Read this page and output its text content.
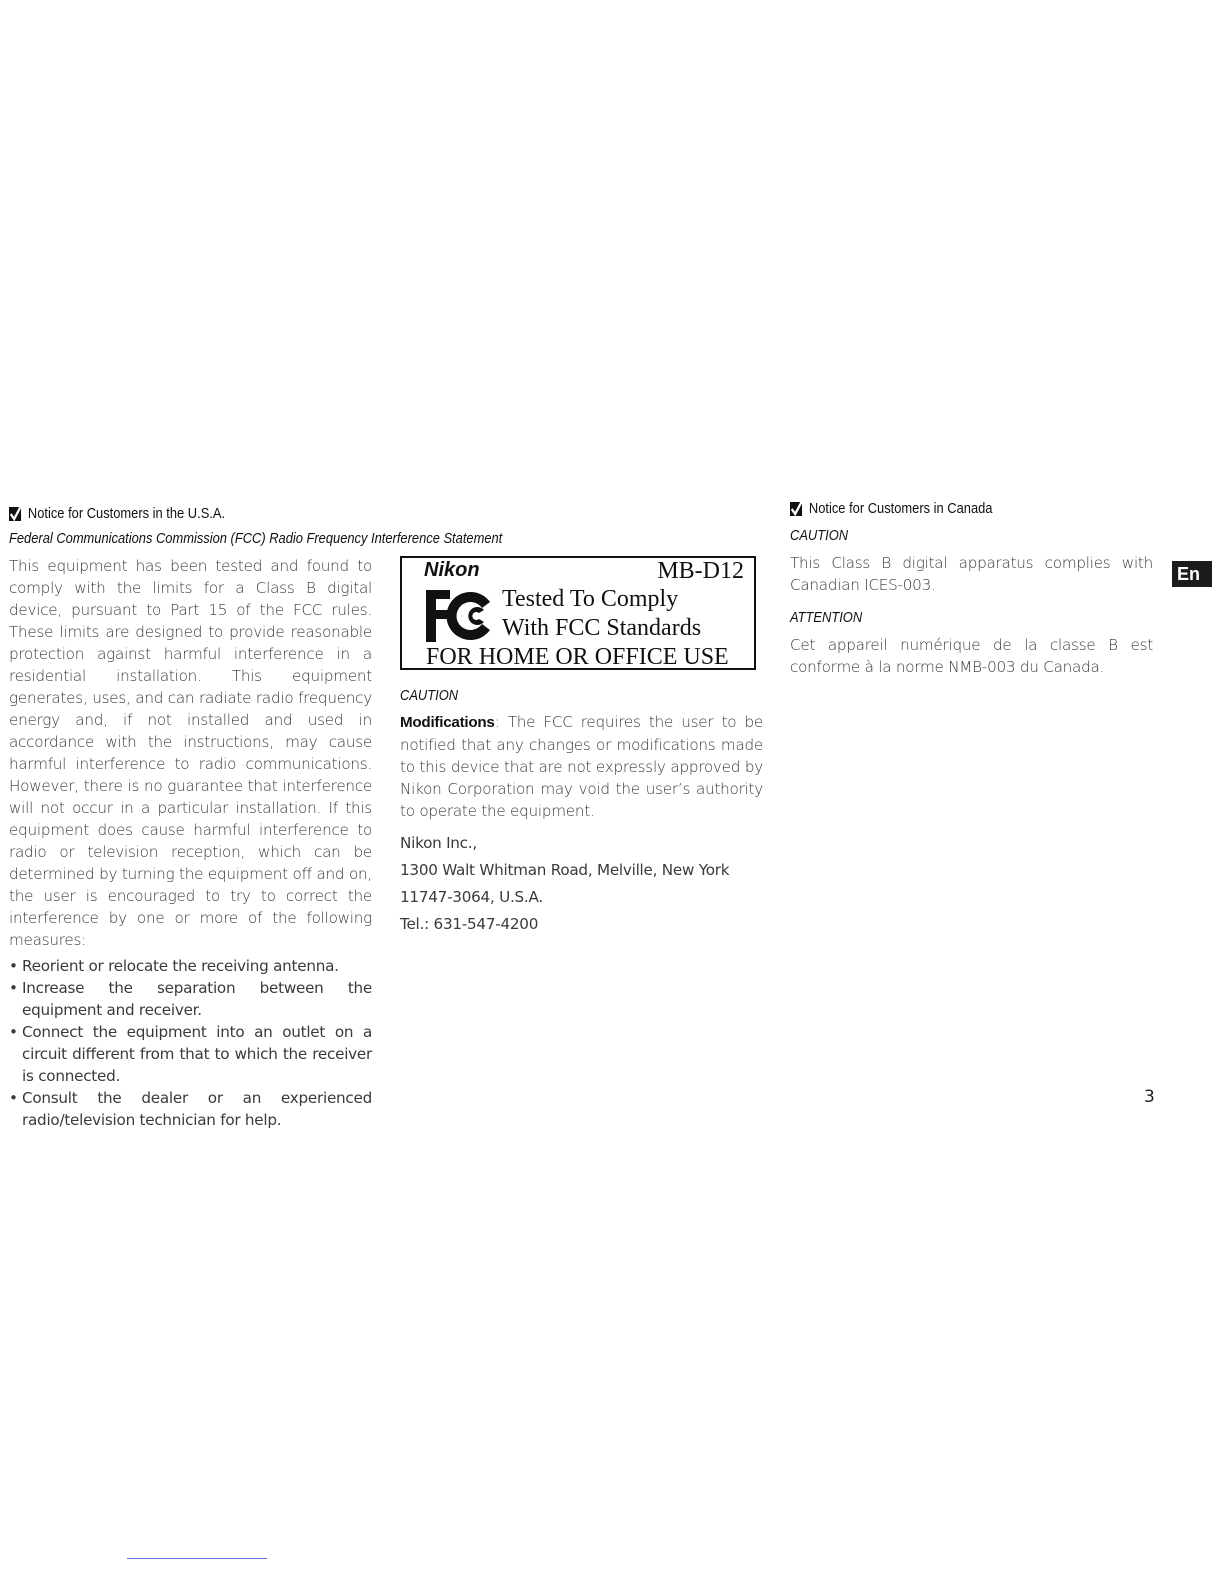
Notice for Customers in the U.S.A.
Federal Communications Commission (FCC) Radio Frequency Interference Statement
This equipment has been tested and found to comply with the limits for a Class B digital device, pursuant to Part 15 of the FCC rules. These limits are designed to provide reasonable protection against harmful interference in a residential installation. This equipment generates, uses, and can radiate radio frequency energy and, if not installed and used in accordance with the instructions, may cause harmful interference to radio communications. However, there is no guarantee that interference will not occur in a particular installation. If this equipment does cause harmful interference to radio or television reception, which can be determined by turning the equipment off and on, the user is encouraged to try to correct the interference by one or more of the following measures:
• Reorient or relocate the receiving antenna.
• Increase the separation between the equipment and receiver.
• Connect the equipment into an outlet on a circuit different from that to which the receiver is connected.
• Consult the dealer or an experienced radio/television technician for help.
Nikon	MB-D12
Tested To Comply
With FCC Standards
FOR HOME OR OFFICE USE
CAUTION
Modifications: The FCC requires the user to be notified that any changes or modifications made to this device that are not expressly approved by Nikon Corporation may void the user’s authority to operate the equipment.
Nikon Inc.,
1300 Walt Whitman Road, Melville, New York
11747-3064, U.S.A.
Tel.: 631-547-4200
Notice for Customers in Canada
CAUTION
This Class B digital apparatus complies with Canadian ICES-003.
ATTENTION
Cet appareil numérique de la classe B est conforme à la norme NMB-003 du Canada.
En
3
